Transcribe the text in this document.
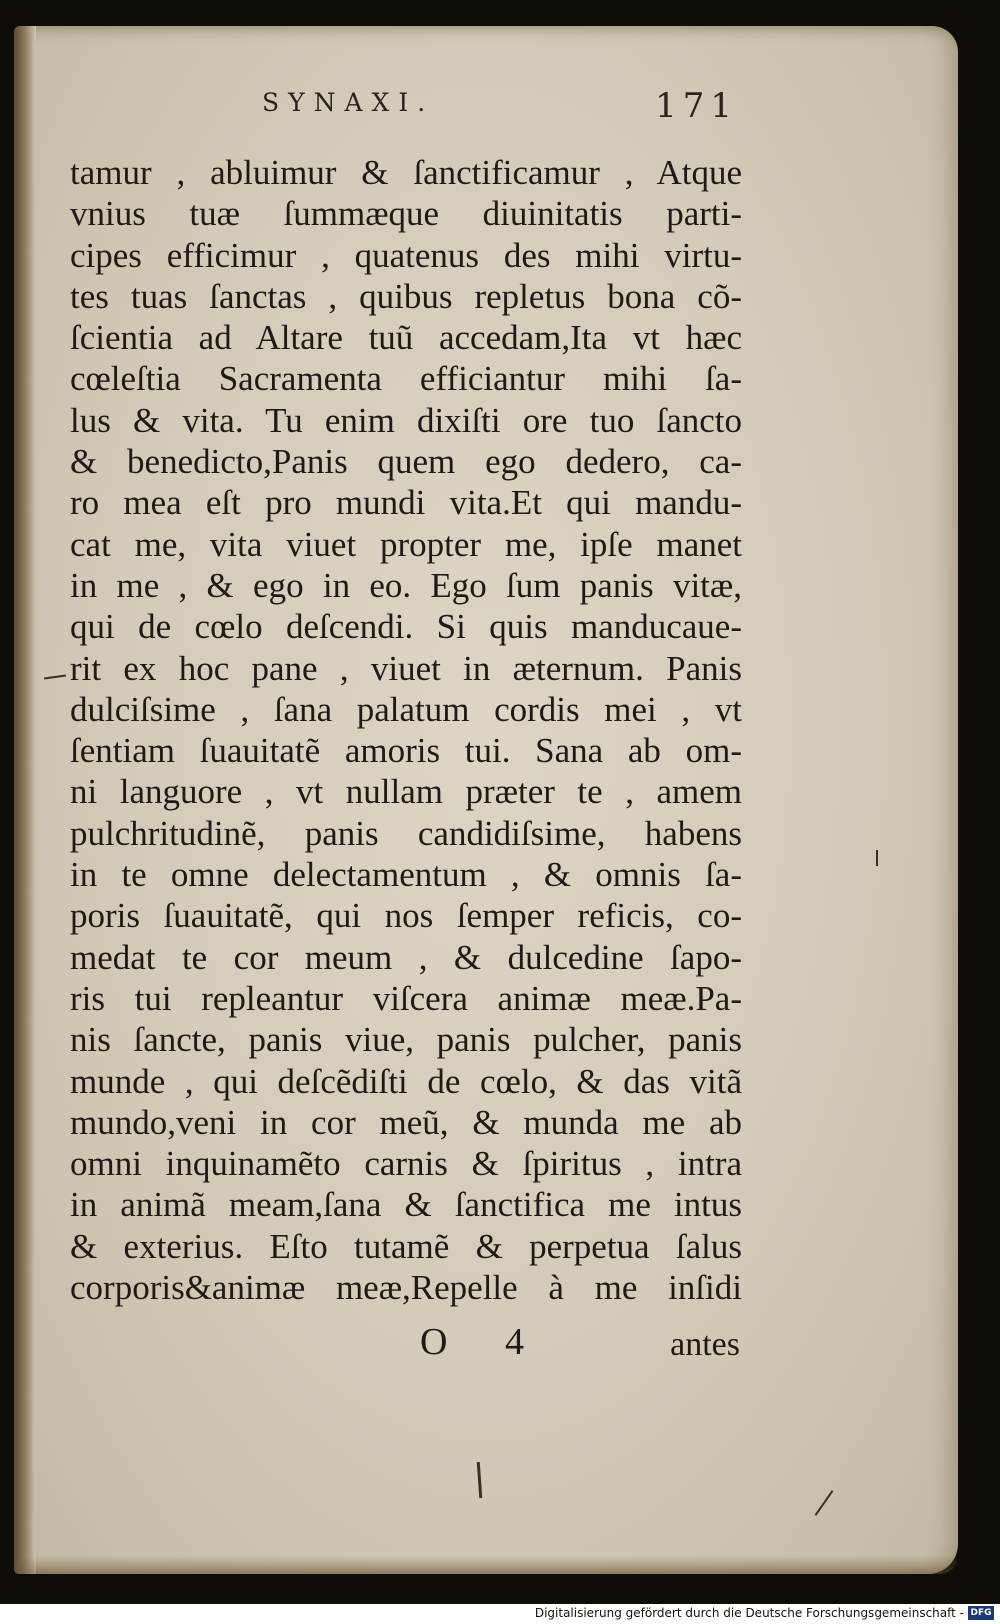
SYNAXI.	171
tamur , abluimur & ſanctificamur , Atque
vnius tuæ ſummæque diuinitatis parti-
cipes efficimur , quatenus des mihi virtu-
tes tuas ſanctas , quibus repletus bona cõ-
ſcientia ad Altare tuũ accedam,Ita vt hæc
cœleſtia Sacramenta efficiantur mihi ſa-
lus & vita. Tu enim dixiſti ore tuo ſancto
& benedicto,Panis quem ego dedero, ca-
ro mea eſt pro mundi vita.Et qui mandu-
cat me, vita viuet propter me, ipſe manet
in me , & ego in eo. Ego ſum panis vitæ,
qui de cœlo deſcendi. Si quis manducaue-
rit ex hoc pane , viuet in æternum. Panis
dulciſsime , ſana palatum cordis mei , vt
ſentiam ſuauitatẽ amoris tui. Sana ab om-
ni languore , vt nullam præter te , amem
pulchritudinẽ, panis candidiſsime, habens
in te omne delectamentum , & omnis ſa-
poris ſuauitatẽ, qui nos ſemper reficis, co-
medat te cor meum , & dulcedine ſapo-
ris tui repleantur viſcera animæ meæ.Pa-
nis ſancte, panis viue, panis pulcher, panis
munde , qui deſcẽdiſti de cœlo, & das vitã
mundo,veni in cor meũ, & munda me ab
omni inquinamẽto carnis & ſpiritus , intra
in animã meam,ſana & ſanctifica me intus
& exterius. Eſto tutamẽ & perpetua ſalus
corporis&animæ meæ,Repelle à me inſidi
O 4	antes
Digitalisierung gefördert durch die Deutsche Forschungsgemeinschaft - DFG
